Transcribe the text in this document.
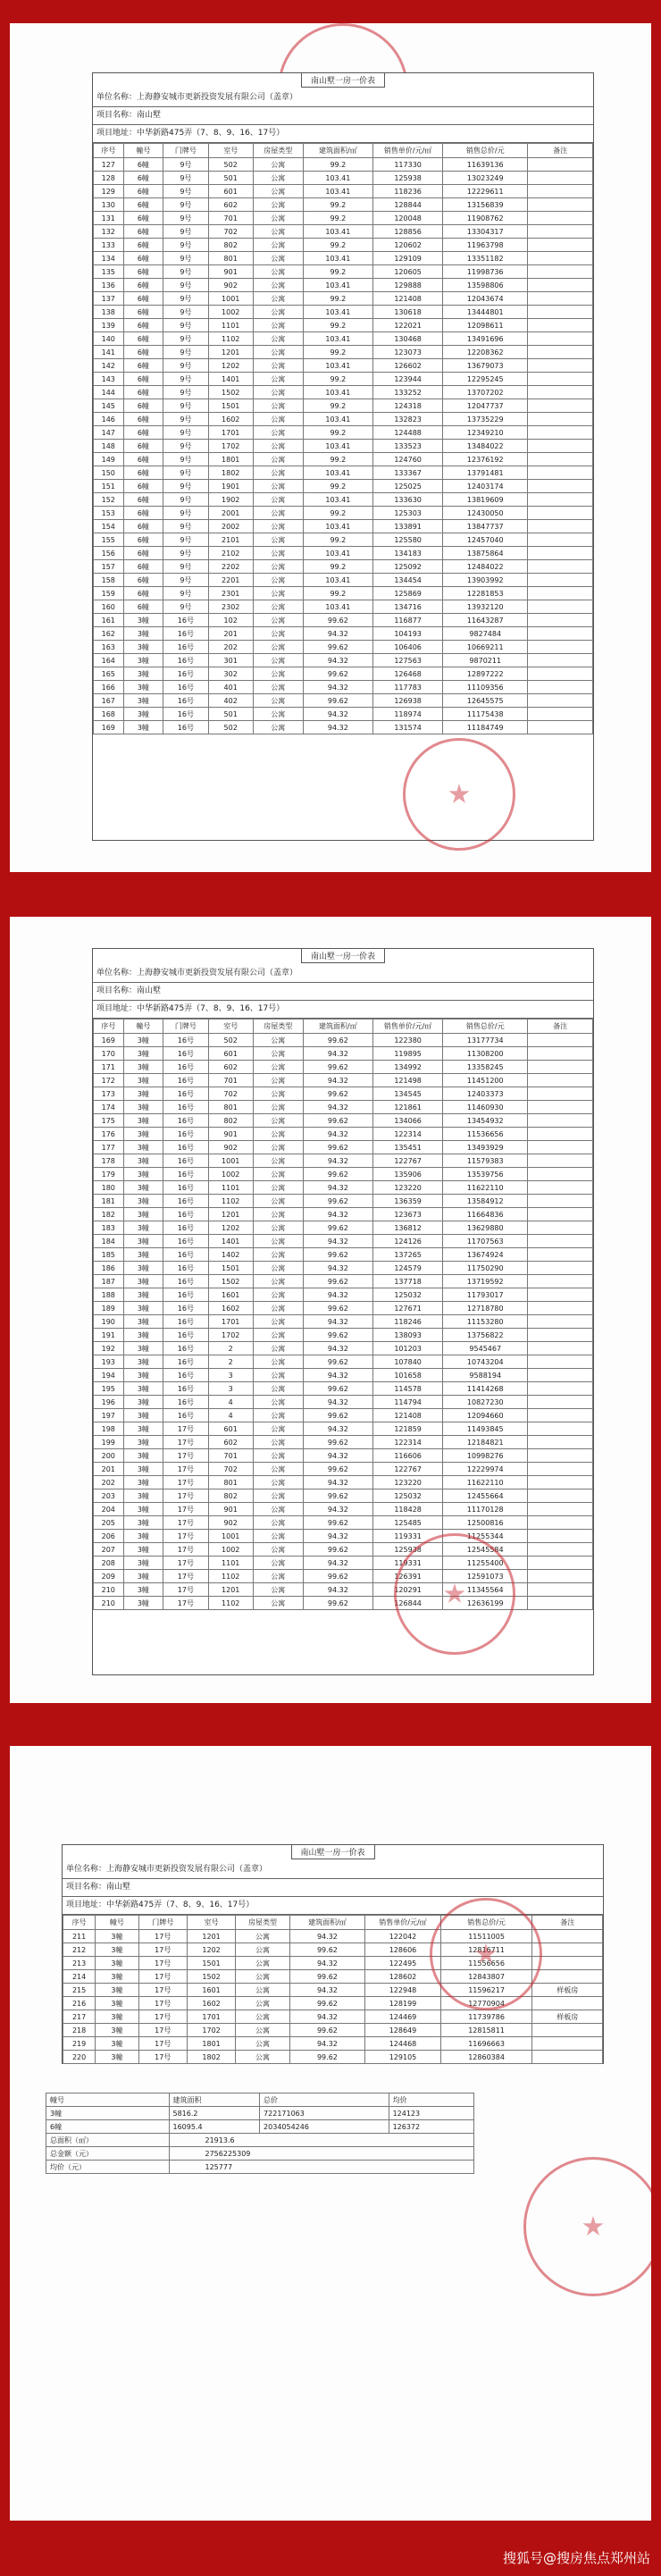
南山墅一房一价表
单位名称：上海静安城市更新投资发展有限公司（盖章）
项目名称：南山墅
项目地址：中华新路475弄（7、8、9、16、17号）
序号	幢号	门牌号	室号	房屋类型	建筑面积/㎡	销售单价/元/㎡	销售总价/元	备注
127	6幢	9号	502	公寓	99.2	117330	11639136	
128	6幢	9号	501	公寓	103.41	125938	13023249	
129	6幢	9号	601	公寓	103.41	118236	12229611	
130	6幢	9号	602	公寓	99.2	128844	13156839	
131	6幢	9号	701	公寓	99.2	120048	11908762	
132	6幢	9号	702	公寓	103.41	128856	13304317	
133	6幢	9号	802	公寓	99.2	120602	11963798	
134	6幢	9号	801	公寓	103.41	129109	13351182	
135	6幢	9号	901	公寓	99.2	120605	11998736	
136	6幢	9号	902	公寓	103.41	129888	13598806	
137	6幢	9号	1001	公寓	99.2	121408	12043674	
138	6幢	9号	1002	公寓	103.41	130618	13444801	
139	6幢	9号	1101	公寓	99.2	122021	12098611	
140	6幢	9号	1102	公寓	103.41	130468	13491696	
141	6幢	9号	1201	公寓	99.2	123073	12208362	
142	6幢	9号	1202	公寓	103.41	126602	13679073	
143	6幢	9号	1401	公寓	99.2	123944	12295245	
144	6幢	9号	1502	公寓	103.41	133252	13707202	
145	6幢	9号	1501	公寓	99.2	124318	12047737	
146	6幢	9号	1602	公寓	103.41	132823	13735229	
147	6幢	9号	1701	公寓	99.2	124488	12349210	
148	6幢	9号	1702	公寓	103.41	133523	13484022	
149	6幢	9号	1801	公寓	99.2	124760	12376192	
150	6幢	9号	1802	公寓	103.41	133367	13791481	
151	6幢	9号	1901	公寓	99.2	125025	12403174	
152	6幢	9号	1902	公寓	103.41	133630	13819609	
153	6幢	9号	2001	公寓	99.2	125303	12430050	
154	6幢	9号	2002	公寓	103.41	133891	13847737	
155	6幢	9号	2101	公寓	99.2	125580	12457040	
156	6幢	9号	2102	公寓	103.41	134183	13875864	
157	6幢	9号	2202	公寓	99.2	125092	12484022	
158	6幢	9号	2201	公寓	103.41	134454	13903992	
159	6幢	9号	2301	公寓	99.2	125869	12281853	
160	6幢	9号	2302	公寓	103.41	134716	13932120	
161	3幢	16号	102	公寓	99.62	116877	11643287	
162	3幢	16号	201	公寓	94.32	104193	9827484	
163	3幢	16号	202	公寓	99.62	106406	10669211	
164	3幢	16号	301	公寓	94.32	127563	9870211	
165	3幢	16号	302	公寓	99.62	126468	12897222	
166	3幢	16号	401	公寓	94.32	117783	11109356	
167	3幢	16号	402	公寓	99.62	126938	12645575	
168	3幢	16号	501	公寓	94.32	118974	11175438	
169	3幢	16号	502	公寓	94.32	131574	11184749	
南山墅一房一价表
单位名称：上海静安城市更新投资发展有限公司（盖章）
项目名称：南山墅
项目地址：中华新路475弄（7、8、9、16、17号）
序号	幢号	门牌号	室号	房屋类型	建筑面积/㎡	销售单价/元/㎡	销售总价/元	备注
169	3幢	16号	502	公寓	99.62	122380	13177734	
170	3幢	16号	601	公寓	94.32	119895	11308200	
171	3幢	16号	602	公寓	99.62	134992	13358245	
172	3幢	16号	701	公寓	94.32	121498	11451200	
173	3幢	16号	702	公寓	99.62	134545	12403373	
174	3幢	16号	801	公寓	94.32	121861	11460930	
175	3幢	16号	802	公寓	99.62	134066	13454932	
176	3幢	16号	901	公寓	94.32	122314	11536656	
177	3幢	16号	902	公寓	99.62	135451	13493929	
178	3幢	16号	1001	公寓	94.32	122767	11579383	
179	3幢	16号	1002	公寓	99.62	135906	13539756	
180	3幢	16号	1101	公寓	94.32	123220	11622110	
181	3幢	16号	1102	公寓	99.62	136359	13584912	
182	3幢	16号	1201	公寓	94.32	123673	11664836	
183	3幢	16号	1202	公寓	99.62	136812	13629880	
184	3幢	16号	1401	公寓	94.32	124126	11707563	
185	3幢	16号	1402	公寓	99.62	137265	13674924	
186	3幢	16号	1501	公寓	94.32	124579	11750290	
187	3幢	16号	1502	公寓	99.62	137718	13719592	
188	3幢	16号	1601	公寓	94.32	125032	11793017	
189	3幢	16号	1602	公寓	99.62	127671	12718780	
190	3幢	16号	1701	公寓	94.32	118246	11153280	
191	3幢	16号	1702	公寓	99.62	138093	13756822	
192	3幢	16号	2	公寓	94.32	101203	9545467	
193	3幢	16号	2	公寓	99.62	107840	10743204	
194	3幢	16号	3	公寓	94.32	101658	9588194	
195	3幢	16号	3	公寓	99.62	114578	11414268	
196	3幢	16号	4	公寓	94.32	114794	10827230	
197	3幢	16号	4	公寓	99.62	121408	12094660	
198	3幢	17号	601	公寓	94.32	121859	11493845	
199	3幢	17号	602	公寓	99.62	122314	12184821	
200	3幢	17号	701	公寓	94.32	116606	10998276	
201	3幢	17号	702	公寓	99.62	122767	12229974	
202	3幢	17号	801	公寓	94.32	123220	11622110	
203	3幢	17号	802	公寓	99.62	125032	12455664	
204	3幢	17号	901	公寓	94.32	118428	11170128	
205	3幢	17号	902	公寓	99.62	125485	12500816	
206	3幢	17号	1001	公寓	94.32	119331	11255344	
207	3幢	17号	1002	公寓	99.62	125938	12545584	
208	3幢	17号	1101	公寓	94.32	119331	11255400	
209	3幢	17号	1102	公寓	99.62	126391	12591073	
210	3幢	17号	1201	公寓	94.32	120291	11345564	
210	3幢	17号	1102	公寓	99.62	126844	12636199	
南山墅一房一价表
单位名称：上海静安城市更新投资发展有限公司（盖章）
项目名称：南山墅
项目地址：中华新路475弄（7、8、9、16、17号）
序号	幢号	门牌号	室号	房屋类型	建筑面积/㎡	销售单价/元/㎡	销售总价/元	备注
211	3幢	17号	1201	公寓	94.32	122042	11511005	
212	3幢	17号	1202	公寓	99.62	128606	12816711	
213	3幢	17号	1501	公寓	94.32	122495	11556656	
214	3幢	17号	1502	公寓	99.62	128602	12843807	
215	3幢	17号	1601	公寓	94.32	122948	11596217	样板房
216	3幢	17号	1602	公寓	99.62	128199	12770904	
217	3幢	17号	1701	公寓	94.32	124469	11739786	样板房
218	3幢	17号	1702	公寓	99.62	128649	12815811	
219	3幢	17号	1801	公寓	94.32	124468	11696663	
220	3幢	17号	1802	公寓	99.62	129105	12860384	
幢号	建筑面积	总价	均价
3幢	5816.2	722171063	124123
6幢	16095.4	2034054246	126372
总面积（㎡）	21913.6		
总金额（元）	2756225309		
均价（元）	125777		
搜狐号@搜房焦点郑州站
